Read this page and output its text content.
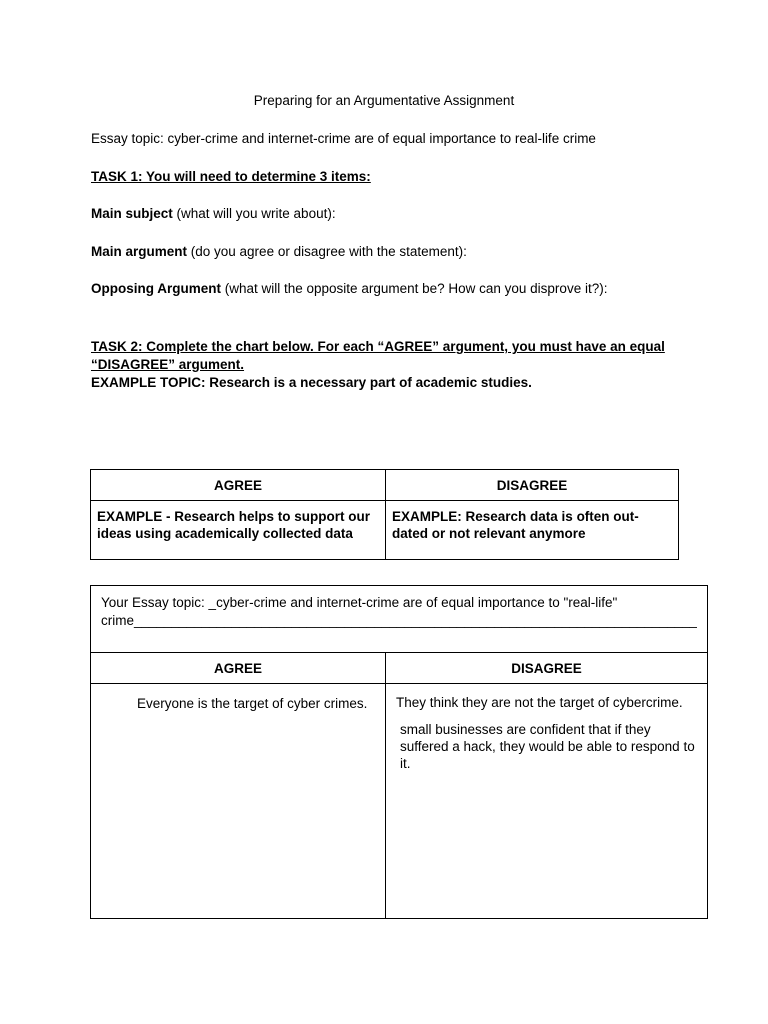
Preparing for an Argumentative Assignment
Essay topic: cyber-crime and internet-crime are of equal importance to real-life crime
TASK 1: You will need to determine 3 items:
Main subject (what will you write about):
Main argument (do you agree or disagree with the statement):
Opposing Argument (what will the opposite argument be? How can you disprove it?):
TASK 2: Complete the chart below. For each “AGREE” argument, you must have an equal
“DISAGREE” argument.
EXAMPLE TOPIC: Research is a necessary part of academic studies.
AGREE	DISAGREE
EXAMPLE - Research helps to support our ideas using academically collected data	EXAMPLE: Research data is often out-dated or not relevant anymore
Your Essay topic: _cyber-crime and internet-crime are of equal importance to "real-life"
crime___________________________________________________________________________	

AGREE	DISAGREE

Everyone is the target of cyber crimes.	They think they are not the target of cybercrime.
small businesses are confident that if they suffered a hack, they would be able to respond to it.
